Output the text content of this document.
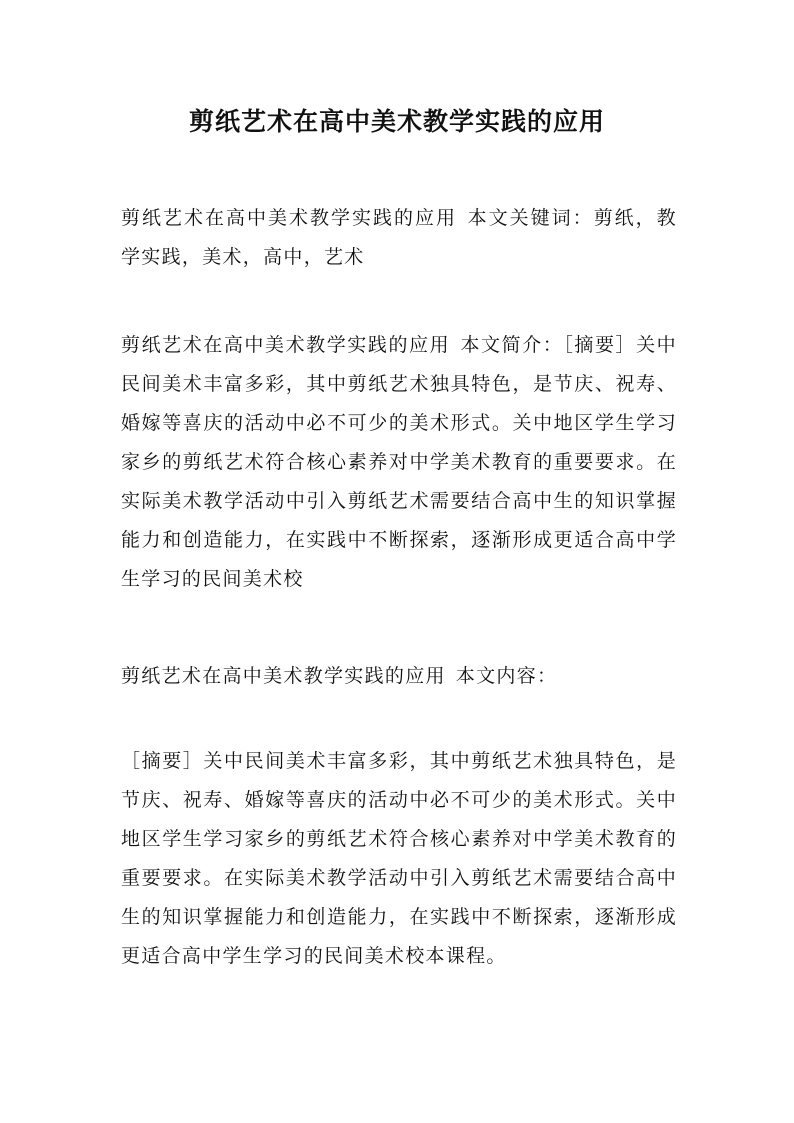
剪纸艺术在高中美术教学实践的应用

剪纸艺术在高中美术教学实践的应用 本文关键词：剪纸，教学实践，美术，高中，艺术

剪纸艺术在高中美术教学实践的应用 本文简介：［摘要］关中民间美术丰富多彩，其中剪纸艺术独具特色，是节庆、祝寿、婚嫁等喜庆的活动中必不可少的美术形式。关中地区学生学习家乡的剪纸艺术符合核心素养对中学美术教育的重要要求。在实际美术教学活动中引入剪纸艺术需要结合高中生的知识掌握能力和创造能力，在实践中不断探索，逐渐形成更适合高中学生学习的民间美术校

剪纸艺术在高中美术教学实践的应用 本文内容：

［摘要］关中民间美术丰富多彩，其中剪纸艺术独具特色，是节庆、祝寿、婚嫁等喜庆的活动中必不可少的美术形式。关中地区学生学习家乡的剪纸艺术符合核心素养对中学美术教育的重要要求。在实际美术教学活动中引入剪纸艺术需要结合高中生的知识掌握能力和创造能力，在实践中不断探索，逐渐形成更适合高中学生学习的民间美术校本课程。
